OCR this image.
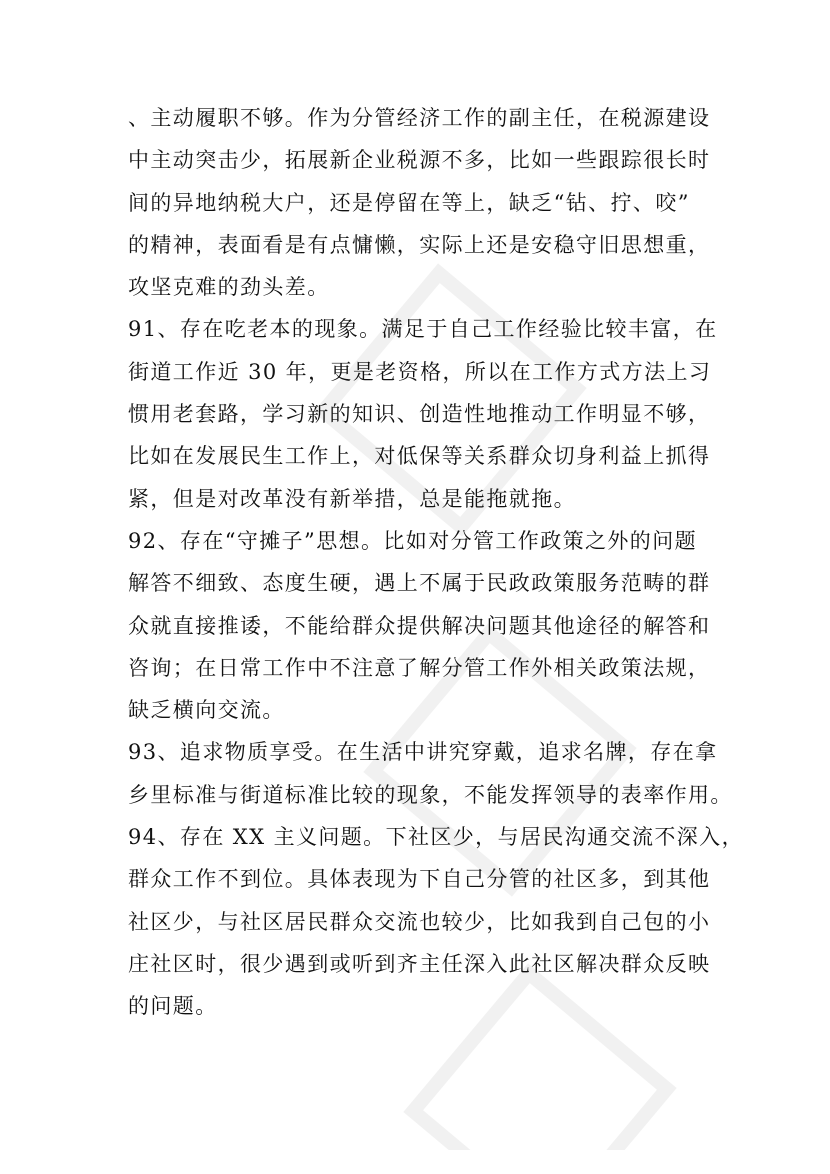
、主动履职不够。作为分管经济工作的副主任，在税源建设
中主动突击少，拓展新企业税源不多，比如一些跟踪很长时
间的异地纳税大户，还是停留在等上，缺乏“钻、拧、咬”
的精神，表面看是有点慵懒，实际上还是安稳守旧思想重，
攻坚克难的劲头差。
91、存在吃老本的现象。满足于自己工作经验比较丰富，在
街道工作近 30 年，更是老资格，所以在工作方式方法上习
惯用老套路，学习新的知识、创造性地推动工作明显不够，
比如在发展民生工作上，对低保等关系群众切身利益上抓得
紧，但是对改革没有新举措，总是能拖就拖。
92、存在“守摊子”思想。比如对分管工作政策之外的问题
解答不细致、态度生硬，遇上不属于民政政策服务范畴的群
众就直接推诿，不能给群众提供解决问题其他途径的解答和
咨询；在日常工作中不注意了解分管工作外相关政策法规，
缺乏横向交流。
93、追求物质享受。在生活中讲究穿戴，追求名牌，存在拿
乡里标准与街道标准比较的现象，不能发挥领导的表率作用。
94、存在 XX 主义问题。下社区少，与居民沟通交流不深入，
群众工作不到位。具体表现为下自己分管的社区多，到其他
社区少，与社区居民群众交流也较少，比如我到自己包的小
庄社区时，很少遇到或听到齐主任深入此社区解决群众反映
的问题。
